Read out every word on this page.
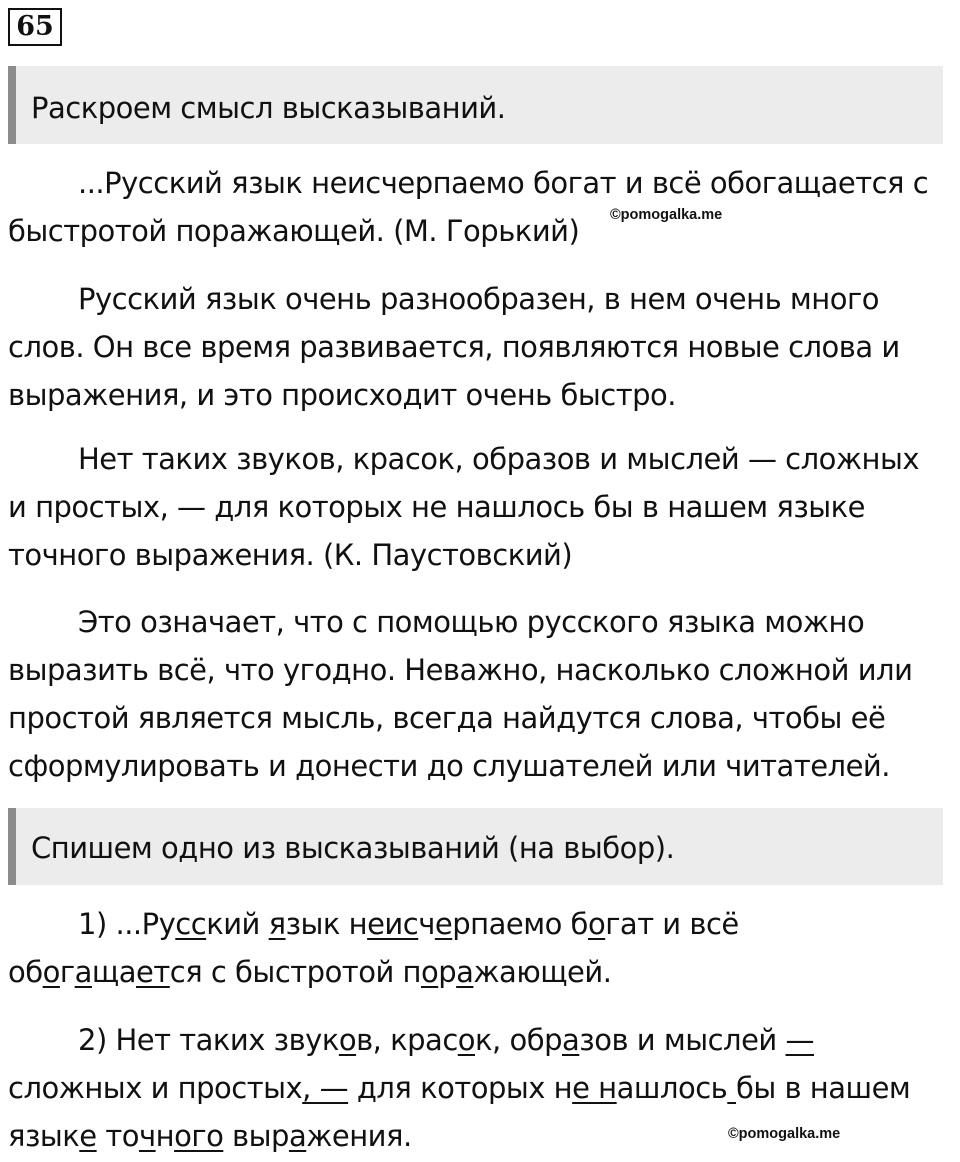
65
Раскроем смысл высказываний.
...Русский язык неисчерпаемо богат и всё обогащается с
быстротой поражающей. (М. Горький)	©pomogalka.me
Русский язык очень разнообразен, в нем очень много
слов. Он все время развивается, появляются новые слова и
выражения, и это происходит очень быстро.
Нет таких звуков, красок, образов и мыслей — сложных
и простых, — для которых не нашлось бы в нашем языке
точного выражения. (К. Паустовский)
Это означает, что с помощью русского языка можно
выразить всё, что угодно. Неважно, насколько сложной или
простой является мысль, всегда найдутся слова, чтобы её
сформулировать и донести до слушателей или читателей.
Спишем одно из высказываний (на выбор).
1) ...Русский язык неисчерпаемо богат и всё
обогащается с быстротой поражающей.
2) Нет таких звуков, красок, образов и мыслей —
сложных и простых, — для которых не нашлось бы в нашем
языке точного выражения.	©pomogalka.me
